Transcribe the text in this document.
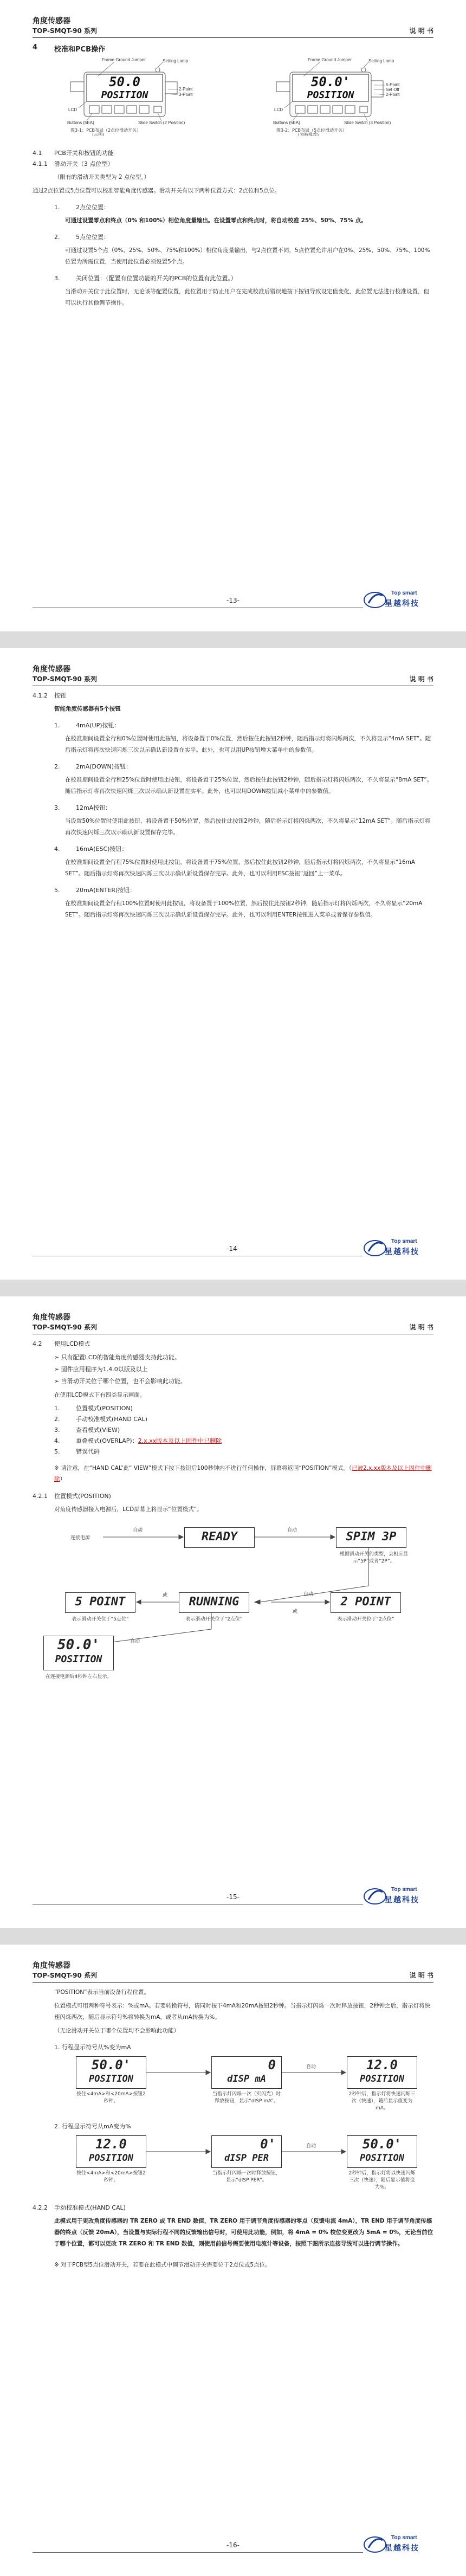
角度传感器
TOP-SMQT-90 系列	说 明 书
4	校准和PCB操作
Frame Ground Jumper	Setting Lamp
2-Point
3-Point
LCD
Buttons (5EA)	Slide Switch (2 Position)
50.0
POSITION
图3-1：PCB布局（2点位滑动开关）
(示例)
Frame Ground Jumper	Setting Lamp
5-Point
Set Off
2-Point
LCD
Buttons (5EA)	Slide Switch (3 Position)
50.0'
POSITION
图3-2：PCB布局（5点位滑动开关）
(为被推荐)
4.1	PCB开关和按钮的功能
4.1.1	滑动开关（3 点位型）

（限有的滑动开关类型为 2 点位型。）

通过2点位置或5点位置可以校准智能角度传感器。滑动开关有以下两种位置方式：2点位和5点位。

1.	2点位位置：

可通过设置零点和终点（0% 和100%）相位角度量输出。在设置零点和终点时，将自动校准 25%、50%、75% 点。

2.	5点位位置：

可通过设置5个点（0%、25%、50%、75%和100%）相位角度量输出，与2点位置不同，5点位置允许用户在0%、25%、50%、75%、100%位置为所需位置，当使用此位置必须设置5个点。

3.	关闭位置：（配置有位置功能的开关的PCB的位置有此位置。）

当滑动开关位于此位置时，无论该等配置位置，此位置用于防止用户在完成校准后错误地按下按钮导致设定值变化，此位置无法进行校准设置，但可以执行其他调节操作。

-13-
Top smart
星越科技
角度传感器
TOP-SMQT-90 系列	说 明 书
4.1.2	按钮

智能角度传感器有5个按钮

1.	4mA(UP)按钮：

在校准期间设置全行程0%位置时使用此按钮，将设备置于0%位置，然后按住此按钮2秒钟，随后指示灯将闪烁两次，不久将显示“4mA SET”。随后指示灯将再次快速闪烁三次以示确认新设置在实平。此外，也可以用UP按钮增大菜单中的参数值。

2.	2mA(DOWN)按钮：

在校准期间设置全行程25%位置时使用此按钮，将设备置于25%位置，然后按住此按钮2秒钟，随后指示灯将闪烁两次，不久将显示“8mA SET”。随后指示灯将再次快速闪烁三次以示确认新设置在实平。此外，也可以用DOWN按钮减小菜单中的参数值。

3.	12mA按钮：

当设置50%位置时使用此按钮，将设备置于50%位置，然后按住此按钮2秒钟，随后指示灯将闪烁两次，不久将显示“12mA SET”。随后指示灯将再次快速闪烁三次以示确认新设置保存完毕。

4.	16mA(ESC)按钮：

在校准期间设置全行程75%位置时使用此按钮，将设备置于75%位置，然后按住此按钮2秒钟，随后指示灯将闪烁两次，不久将显示“16mA SET”。随后指示灯将再次快速闪烁三次以示确认新设置保存完毕。此外，也可以利用ESC按钮“返回”上一菜单。

5.	20mA(ENTER)按钮：

在校准期间设置全行程100%位置时使用此按钮，将设备置于100%位置，然后按住此按钮2秒钟，随后指示灯将闪烁两次，不久将显示“20mA SET”。随后指示灯将再次快速闪烁三次以示确认新设置保存完毕。此外，也可以利用ENTER按钮进入菜单或者保存参数值。

-14-
Top smart
星越科技
角度传感器
TOP-SMQT-90 系列	说 明 书
4.2	使用LCD模式
➢ 只有配置LCD的智能角度传感器支持此功能。
➢ 固件应用程序为1.4.0以版及以上
➢ 当滑动开关位于哪个位置，也不会影响此功能。

在使用LCD模式下有四类显示画面。

1.	位置模式(POSITION)
2.	手动校准模式(HAND CAL)
3.	查看模式(VIEW)
4.	重叠模式(OVERLAP)：2.x.xx版本及以上固件中已删除
5.	错误代码

※ 请注意，在“HAND CAL”此“ VIEW”模式下按下按钮后100秒钟内不进行任何操作，屏幕将返回“POSITION”模式。（已被2.x.xx版本及以上固件中删除）

4.2.1	位置模式(POSITION)

对角度传感器接入电源后，LCD屏幕上将显示“位置模式”。

连接电源
自动	自动
自动
自动
READY	SPIM 3P
根据滑动开关的类型，会相应显示“5P”或者“2P”。
5 POINT
表示滑动开关位于“5点位”
或
或
RUNNING
表示滑动开关位于“2点位”
2 POINT
表示滑动开关位于“2点位”
50.0'
POSITION
在连接电源后4秒钟左右显示。
-15-
Top smart
星越科技
角度传感器
TOP-SMQT-90 系列	说 明 书

“POSITION”表示当前设备行程位置。

位置模式可用两种符号表示：%或mA。若要转换符号，请同时按下4mA和20mA按钮2秒钟。当指示灯闪烁一次时释放按钮，2秒钟之后，指示灯将快速闪烁两次，随后显示符号%将转换为mA，或者从mA转换为%。

（无论滑动开关位于哪个位置均不会影响此功能）

1. 行程显示符号从%变为mA
自动
50.0'
POSITION
按住<4mA>和<20mA>按钮2秒钟。
0
dISP mA
当指示灯闪烁一次（实闪光）时释放按钮，显示“dISP mA”。
12.0
POSITION
2秒钟后，指示灯将快速闪烁三次（快速），随后显示值变为mA。
2. 行程显示符号从mA变为%
自动
12.0
POSITION
按住<4mA>和<20mA>按钮2秒钟。
0'
dISP PER
当指示灯闪烁一次时释放按钮，显示“dISP PER”。
50.0'
POSITION
2秒钟后，指示灯将以快速闪烁三次（快速），随后显示值将变为%。
4.2.2	手动校准模式(HAND CAL)

此模式用于更改角度传感器的 TR ZERO 或 TR END 数值，TR ZERO 用于调节角度传感器的零点（反馈电流 4mA），TR END 用于调节角度传感器的终点（反馈 20mA），当设置与实际行程不同的反馈输出信号时，可使用此功能，例如，将 4mA = 0% 校位变更改为 5mA = 0%，无论当前位于哪个位置，都可以更改 TR ZERO 和 TR END 数值，则使用前信号需要使用电流计等设备，按照下图所示连接导线可以进行调节操作。

※ 对于PCB型5点位滑动开关，若要在此模式中调节滑动开关需要位于2点位或5点位。

-16-
Top smart
星越科技
